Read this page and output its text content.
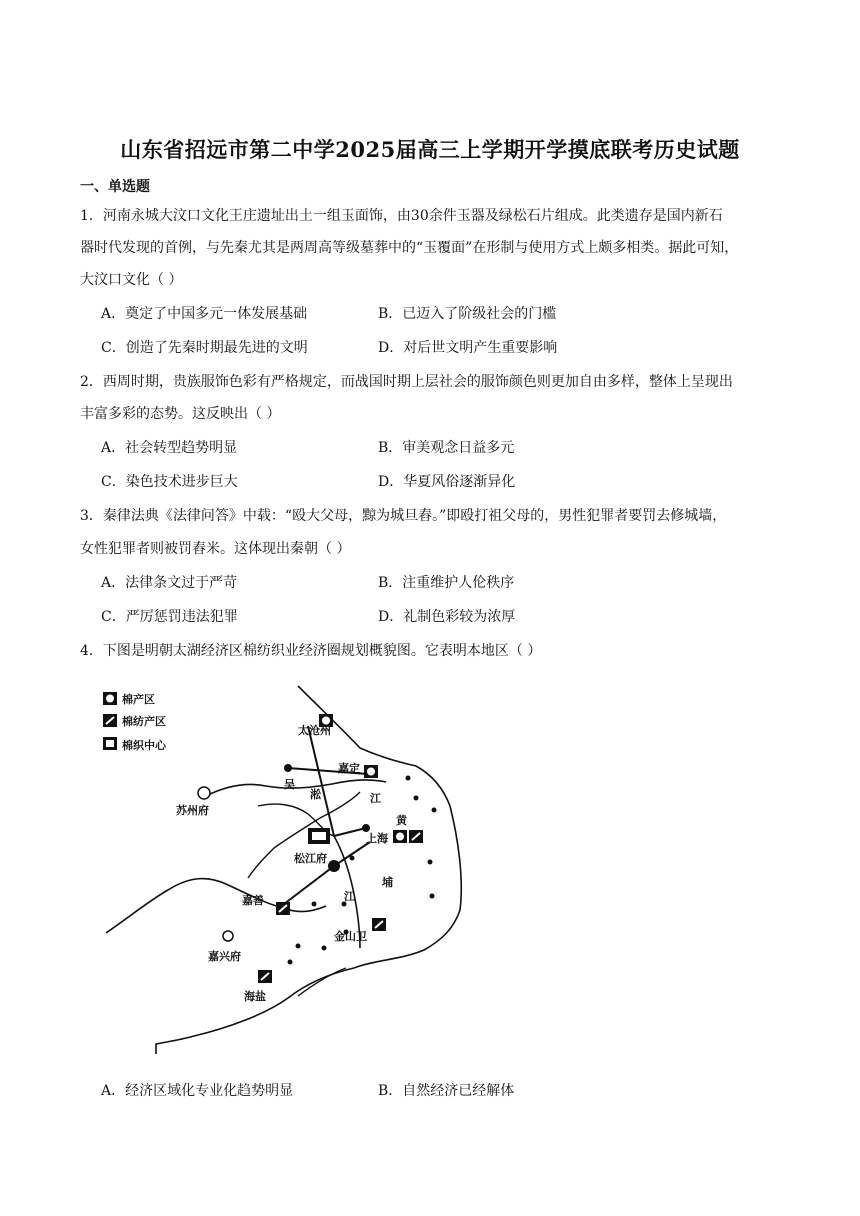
山东省招远市第二中学2025届高三上学期开学摸底联考历史试题
一、单选题
1．河南永城大汶口文化王庄遗址出土一组玉面饰，由30余件玉器及绿松石片组成。此类遗存是国内新石
器时代发现的首例，与先秦尤其是两周高等级墓葬中的“玉覆面”在形制与使用方式上颇多相类。据此可知，
大汶口文化（ ）
A．奠定了中国多元一体发展基础	B．已迈入了阶级社会的门槛
C．创造了先秦时期最先进的文明	D．对后世文明产生重要影响
2．西周时期，贵族服饰色彩有严格规定，而战国时期上层社会的服饰颜色则更加自由多样，整体上呈现出
丰富多彩的态势。这反映出（ ）
A．社会转型趋势明显	B．审美观念日益多元
C．染色技术进步巨大	D．华夏风俗逐渐异化
3．秦律法典《法律问答》中载：“殴大父母，黥为城旦舂。”即殴打祖父母的，男性犯罪者要罚去修城墙，
女性犯罪者则被罚舂米。这体现出秦朝（ ）
A．法律条文过于严苛	B．注重维护人伦秩序
C．严厉惩罚违法犯罪	D．礼制色彩较为浓厚
4．下图是明朝太湖经济区棉纺织业经济圈规划概貌图。它表明本地区（ ）
棉产区
棉纺产区
棉织中心
太沧州
嘉定
苏州府
上海
松江府
嘉善
金山卫
嘉兴府
海盐
吴
淞	江
黄
埔
江
A．经济区域化专业化趋势明显	B．自然经济已经解体
